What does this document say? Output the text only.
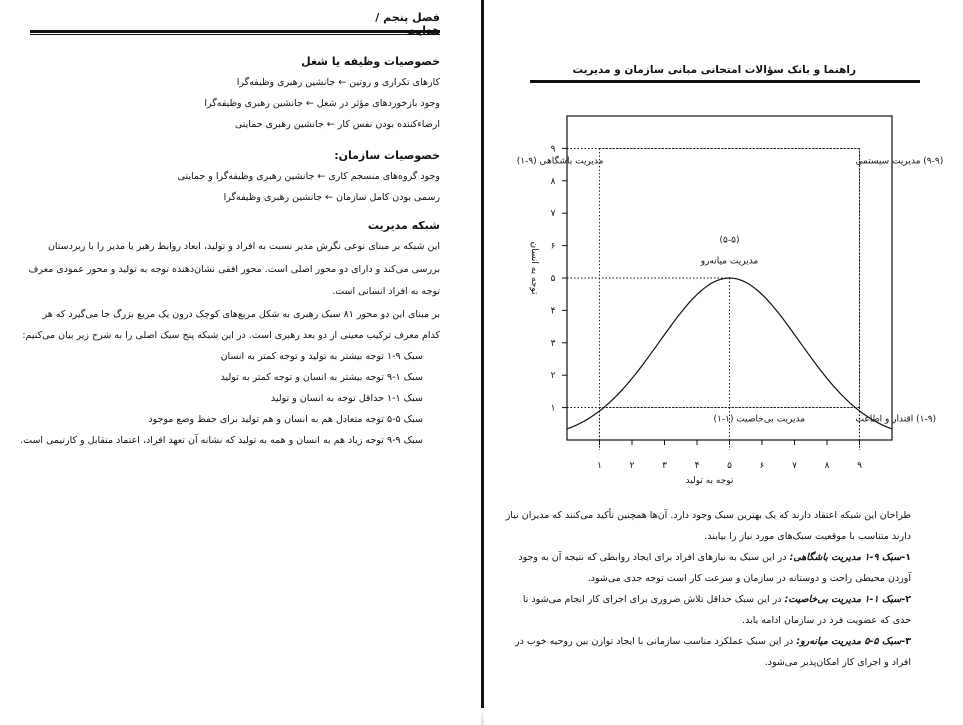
فصل پنجم /
خصوصیات وظیفه یا شغل
کارهای تکراری و روتین ← جانشین رهبری وظیفه‌گرا
وجود بازخوردهای مؤثر در شغل ← جانشین رهبری وظیفه‌گرا
ارضاءکننده بودن نفس کار ← جانشین رهبری حمایتی
خصوصیات سازمان:
وجود گروه‌های منسجم کاری ← جانشین رهبری وظیفه‌گرا و حمایتی
رسمی بودن کامل سازمان ← جانشین رهبری وظیفه‌گرا
شبکه مدیریت
این شبکه بر مبنای نوعی نگرش مدیر نسبت به افراد و تولید، ابعاد روابط رهبر یا مدیر را با زیردستان
بررسی می‌کند و دارای دو محور اصلی است. محور افقی نشان‌دهنده توجه به تولید و محور عمودی معرف
توجه به افراد انسانی است.
بر مبنای این دو محور ۸۱ سبک رهبری به شکل مربع‌های کوچک درون یک مربع بزرگ جا می‌گیرد که هر
کدام معرف ترکیب معینی از دو بعد رهبری است. در این شبکه پنج سبک اصلی را به شرح زیر بیان می‌کنیم:
سبک ۹-۱ توجه بیشتر به تولید و توجه کمتر به انسان
سبک ۱-۹ توجه بیشتر به انسان و توجه کمتر به تولید
سبک ۱-۱ حداقل توجه به انسان و تولید
سبک ۵-۵ توجه متعادل هم به انسان و هم تولید برای حفظ وضع موجود
سبک ۹-۹ توجه زیاد هم به انسان و همه به تولید که نشانه آن تعهد افراد، اعتماد متقابل و کارتیمی است.
راهنما و بانک سؤالات امتحانی مبانی سازمان و مدیریت
۱	۲	۳	۴	۵	۶	۷	۸	۹
۱
۲
۳
۴
۵
۶
۷
۸
۹
مدیریت باشگاهی (۹-۱)	(۹-۹) مدیریت سیستمی
(۵-۵)
مدیریت میانه‌رو
مدیریت بی‌خاصیت (۱-۱)	(۱-۹) اقتدار و اطاعت
توجه به تولید
توجه به انسان
طراحان این شبکه اعتقاد دارند که یک بهترین سبک وجود دارد. آن‌ها همچنین تأکید می‌کنند که مدیران نیاز
دارند متناسب با موقعیت سبک‌های مورد نیاز را بیابند.
۱-سبک ۹-۱ مدیریت باشگاهی: در این سبک به نیازهای افراد برای ایجاد روابطی که نتیجه آن به وجود
آوردن محیطی راحت و دوستانه در سازمان و سرعت کار است توجه جدی می‌شود.
۲-سبک ۱-۱ مدیریت بی‌خاصیت: در این سبک حداقل تلاش ضروری برای اجرای کار انجام می‌شود تا
حدی که عضویت فرد در سازمان ادامه یابد.
۳-سبک ۵-۵ مدیریت میانه‌رو: در این سبک عملکرد مناسب سازمانی با ایجاد توازن بین روحیه خوب در
افراد و اجرای کار امکان‌پذیر می‌شود.
